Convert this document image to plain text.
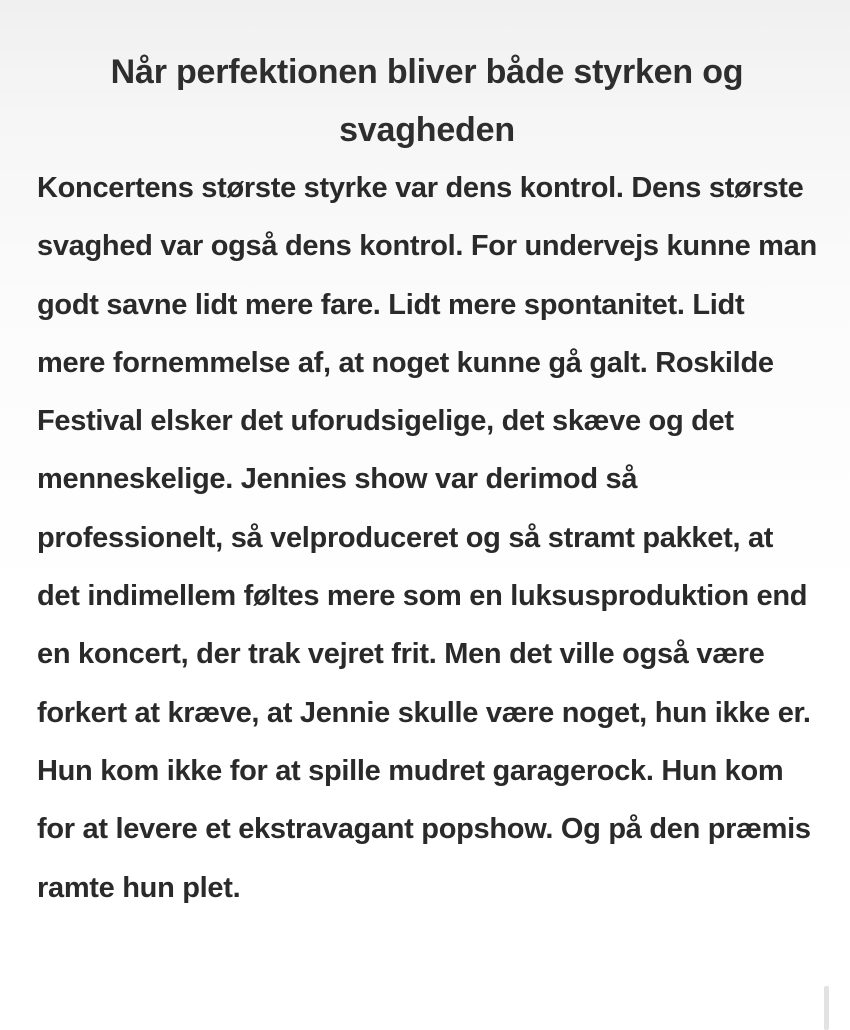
Når perfektionen bliver både styrken og svagheden

Koncertens største styrke var dens kontrol. Dens største svaghed var også dens kontrol. For undervejs kunne man godt savne lidt mere fare. Lidt mere spontanitet. Lidt mere fornemmelse af, at noget kunne gå galt. Roskilde Festival elsker det uforudsigelige, det skæve og det menneskelige. Jennies show var derimod så professionelt, så velproduceret og så stramt pakket, at det indimellem føltes mere som en luksusproduktion end en koncert, der trak vejret frit. Men det ville også være forkert at kræve, at Jennie skulle være noget, hun ikke er. Hun kom ikke for at spille mudret garagerock. Hun kom for at levere et ekstravagant popshow. Og på den præmis ramte hun plet.
